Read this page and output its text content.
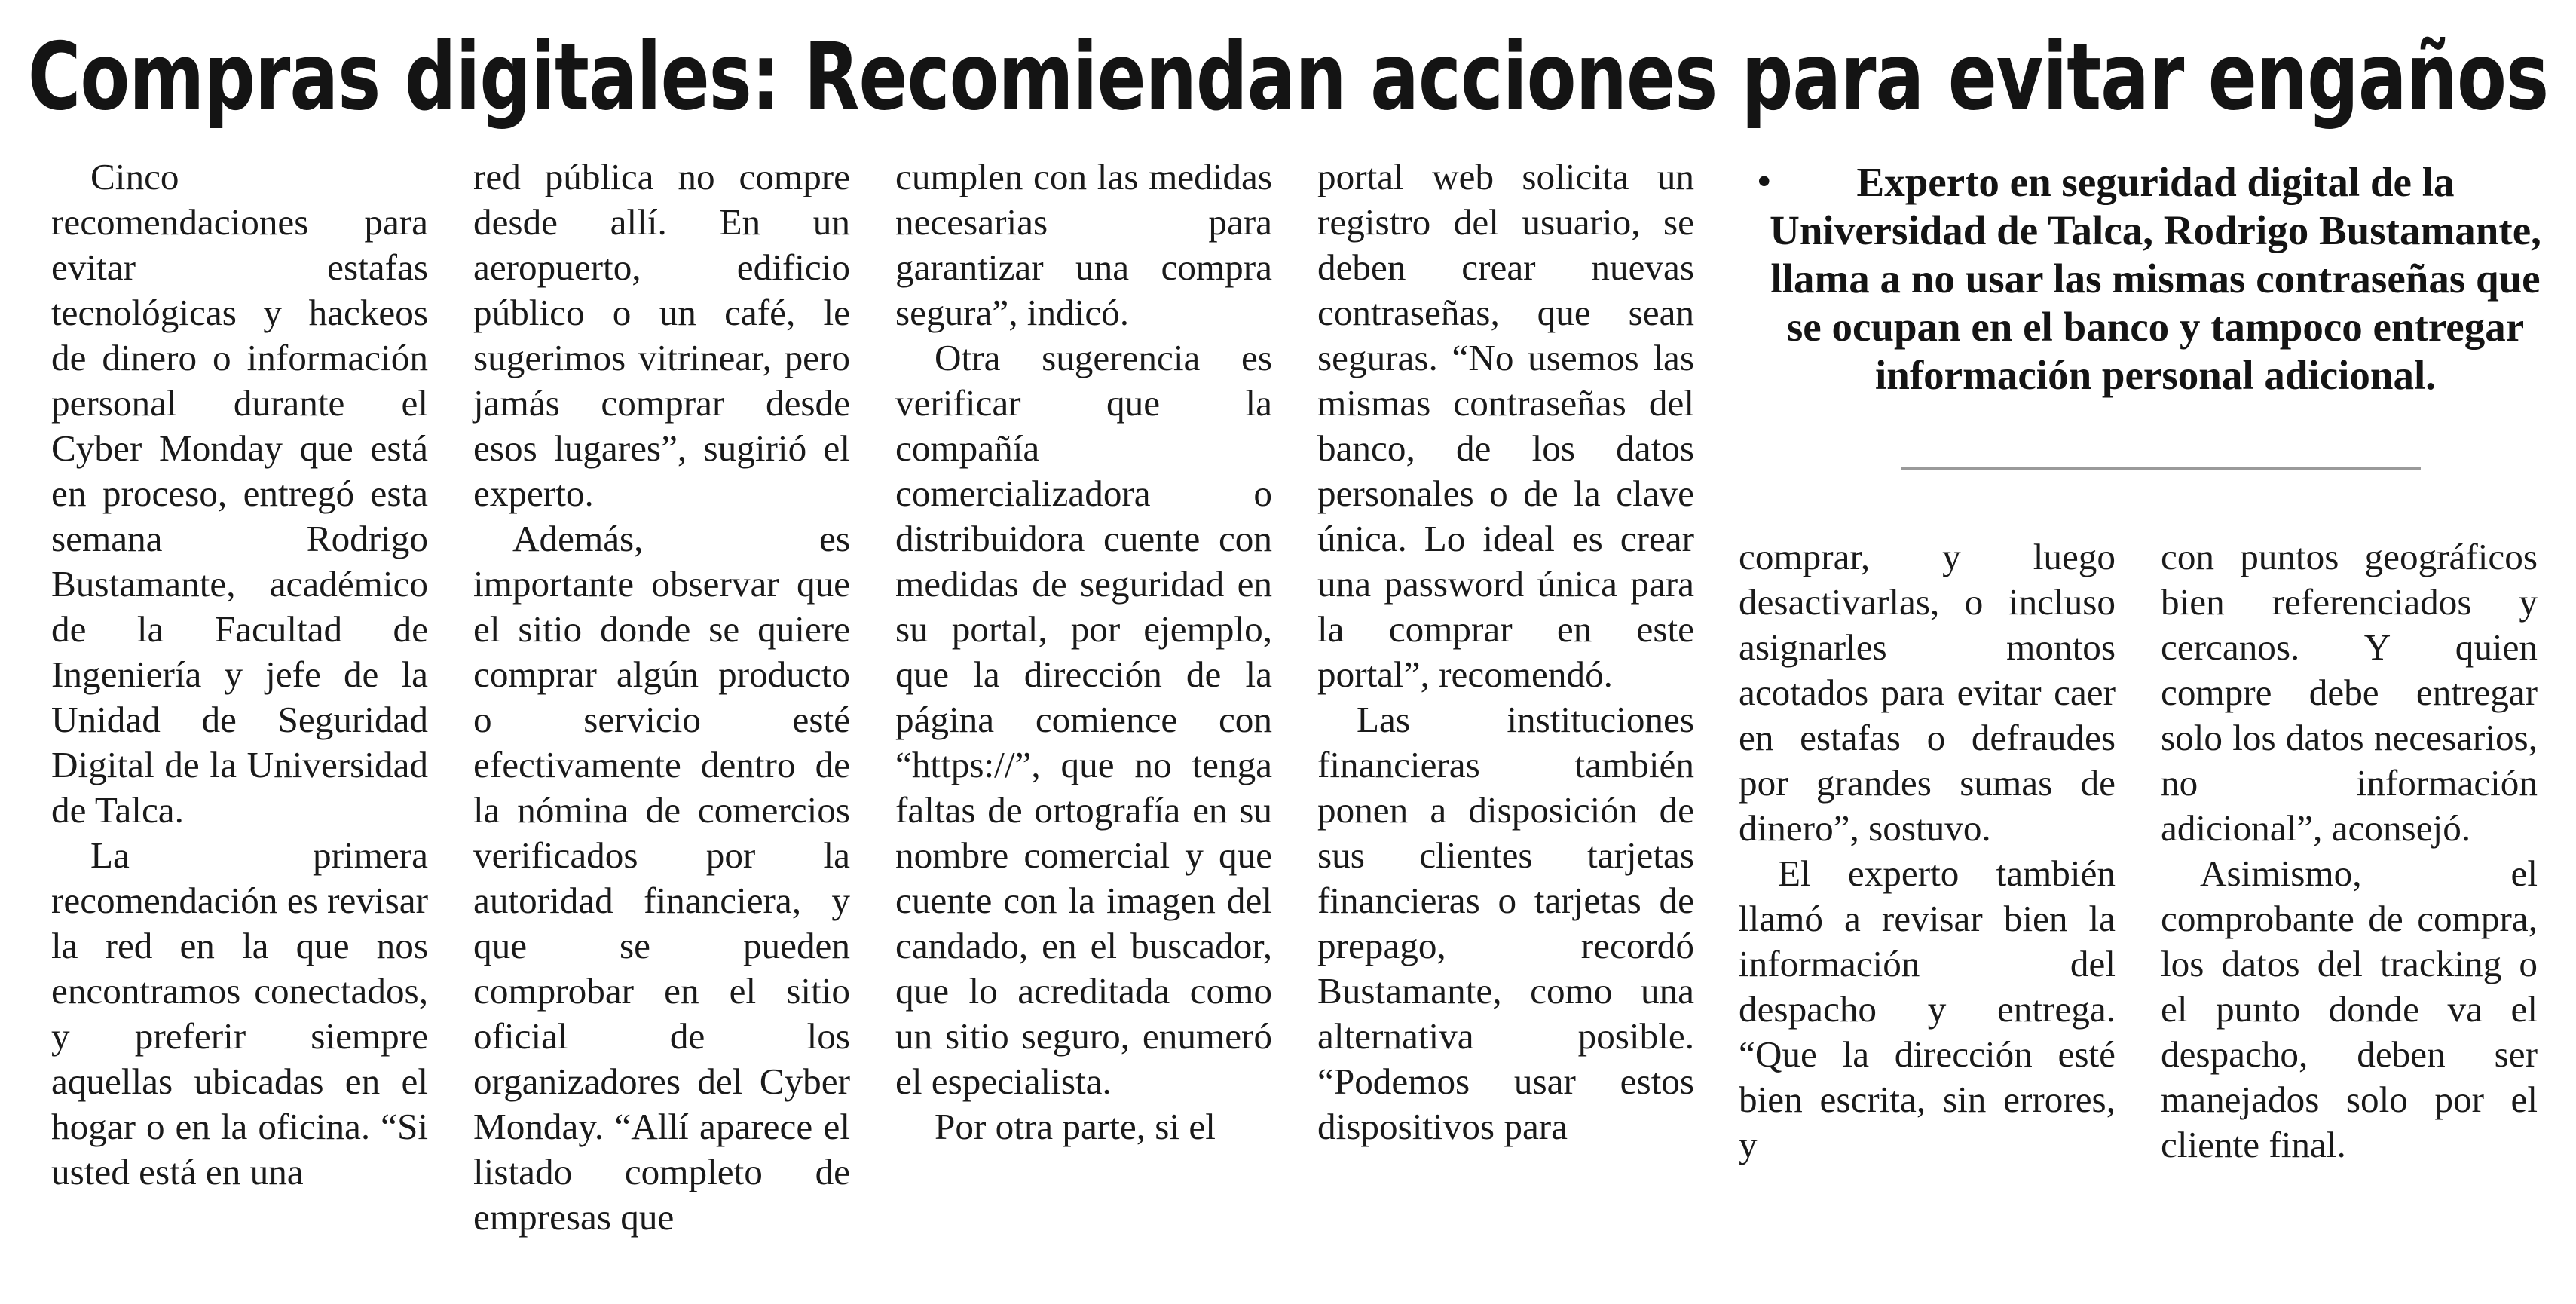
Compras digitales: Recomiendan acciones para evitar engaños

Cinco recomendaciones para evitar estafas tecnológicas y hackeos de dinero o información personal durante el Cyber Monday que está en proceso, entregó esta semana Rodrigo Bustamante, académico de la Facultad de Ingeniería y jefe de la Unidad de Seguridad Digital de la Universidad de Talca.

La primera recomendación es revisar la red en la que nos encontramos conectados, y preferir siempre aquellas ubicadas en el hogar o en la oficina. “Si usted está en una

red pública no compre desde allí. En un aeropuerto, edificio público o un café, le sugerimos vitrinear, pero jamás comprar desde esos lugares”, sugirió el experto.

Además, es importante observar que el sitio donde se quiere comprar algún producto o servicio esté efectivamente dentro de la nómina de comercios verificados por la autoridad financiera, y que se pueden comprobar en el sitio oficial de los organizadores del Cyber Monday. “Allí aparece el listado completo de empresas que

cumplen con las medidas necesarias para garantizar una compra segura”, indicó.

Otra sugerencia es verificar que la compañía comercializadora o distribuidora cuente con medidas de seguridad en su portal, por ejemplo, que la dirección de la página comience con “https://”, que no tenga faltas de ortografía en su nombre comercial y que cuente con la imagen del candado, en el buscador, que lo acreditada como un sitio seguro, enumeró el especialista.

Por otra parte, si el

portal web solicita un registro del usuario, se deben crear nuevas contraseñas, que sean seguras. “No usemos las mismas contraseñas del banco, de los datos personales o de la clave única. Lo ideal es crear una password única para la comprar en este portal”, recomendó.

Las instituciones financieras también ponen a disposición de sus clientes tarjetas financieras o tarjetas de prepago, recordó Bustamante, como una alternativa posible. “Podemos usar estos dispositivos para

• Experto en seguridad digital de la Universidad de Talca, Rodrigo Bustamante, llama a no usar las mismas contraseñas que se ocupan en el banco y tampoco entregar información personal adicional.

comprar, y luego desactivarlas, o incluso asignarles montos acotados para evitar caer en estafas o defraudes por grandes sumas de dinero”, sostuvo.

El experto también llamó a revisar bien la información del despacho y entrega. “Que la dirección esté bien escrita, sin errores, y

con puntos geográficos bien referenciados y cercanos. Y quien compre debe entregar solo los datos necesarios, no información adicional”, aconsejó.

Asimismo, el comprobante de compra, los datos del tracking o el punto donde va el despacho, deben ser manejados solo por el cliente final.
